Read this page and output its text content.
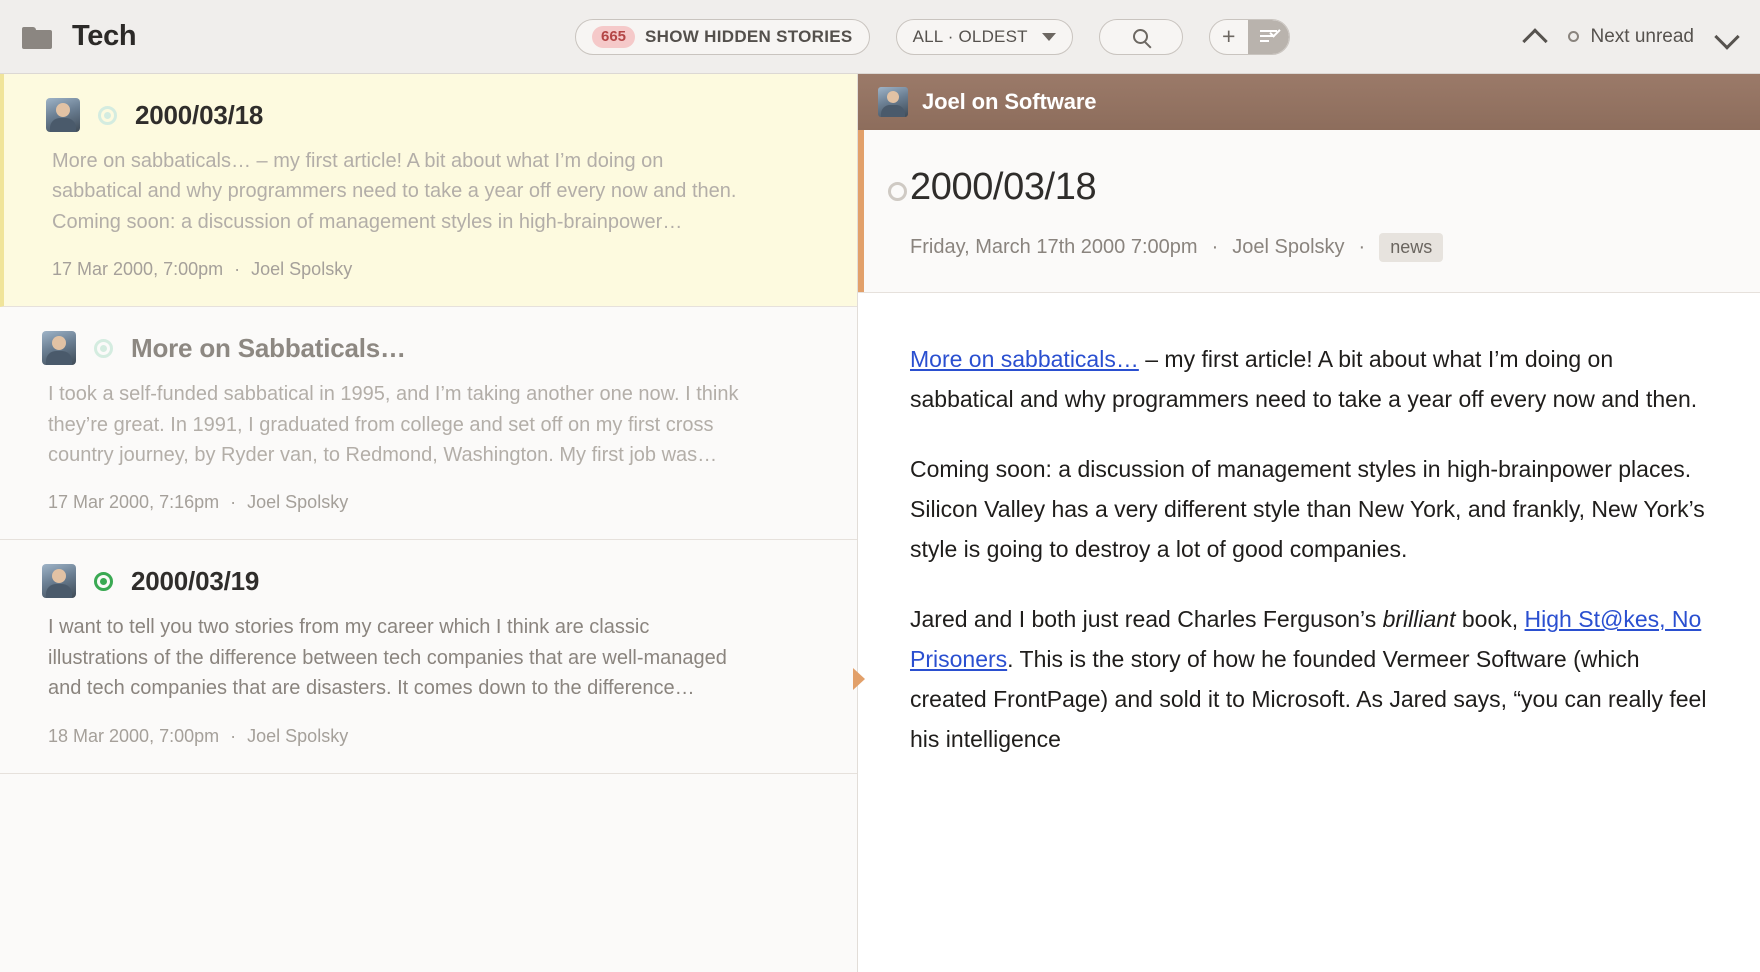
Tech	665	SHOW HIDDEN STORIES	ALL · OLDEST	+	Next unread
2000/03/18

More on sabbaticals… – my first article! A bit about what I’m doing on sabbatical and why programmers need to take a year off every now and then. Coming soon: a discussion of management styles in high-brainpower…

17 Mar 2000, 7:00pm · Joel Spolsky
More on Sabbaticals…

I took a self-funded sabbatical in 1995, and I’m taking another one now. I think they’re great. In 1991, I graduated from college and set off on my first cross country journey, by Ryder van, to Redmond, Washington. My first job was…

17 Mar 2000, 7:16pm · Joel Spolsky
2000/03/19

I want to tell you two stories from my career which I think are classic illustrations of the difference between tech companies that are well-managed and tech companies that are disasters. It comes down to the difference…

18 Mar 2000, 7:00pm · Joel Spolsky
Joel on Software
2000/03/18
Friday, March 17th 2000 7:00pm · Joel Spolsky ·	news

More on sabbaticals… – my first article! A bit about what I’m doing on sabbatical and why programmers need to take a year off every now and then.

Coming soon: a discussion of management styles in high-brainpower places. Silicon Valley has a very different style than New York, and frankly, New York’s style is going to destroy a lot of good companies.

Jared and I both just read Charles Ferguson’s brilliant book, High St@kes, No Prisoners. This is the story of how he founded Vermeer Software (which created FrontPage) and sold it to Microsoft. As Jared says, “you can really feel his intelligence
